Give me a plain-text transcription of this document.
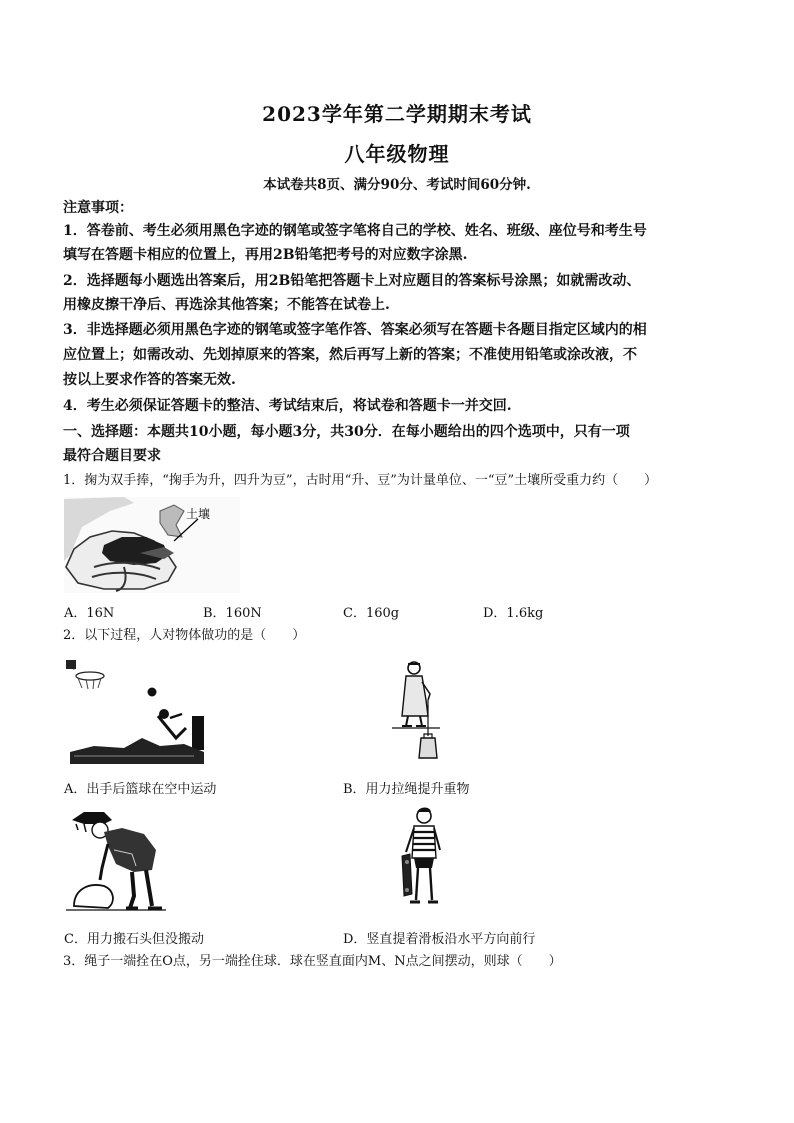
2023学年第二学期期末考试
八年级物理
本试卷共8页、满分90分、考试时间60分钟.
注意事项：
1．答卷前、考生必须用黑色字迹的钢笔或签字笔将自己的学校、姓名、班级、座位号和考生号
填写在答题卡相应的位置上，再用2B铅笔把考号的对应数字涂黑.
2．选择题每小题选出答案后，用2B铅笔把答题卡上对应题目的答案标号涂黑；如就需改动、
用橡皮擦干净后、再选涂其他答案；不能答在试卷上.
3．非选择题必须用黑色字迹的钢笔或签字笔作答、答案必须写在答题卡各题目指定区域内的相
应位置上；如需改动、先划掉原来的答案，然后再写上新的答案；不准使用铅笔或涂改液，不
按以上要求作答的答案无效.
4．考生必须保证答题卡的整洁、考试结束后，将试卷和答题卡一并交回.
一、选择题：本题共10小题，每小题3分，共30分．在每小题给出的四个选项中，只有一项
最符合题目要求
1．掬为双手捧，“掬手为升，四升为豆”，古时用“升、豆”为计量单位、一“豆”土壤所受重力约（　　）
土壤
A．16N	B．160N	C．160g	D．1.6kg
2．以下过程，人对物体做功的是（　　）
A．出手后篮球在空中运动	B．用力拉绳提升重物
C．用力搬石头但没搬动	D．竖直提着滑板沿水平方向前行
3．绳子一端拴在O点，另一端拴住球．球在竖直面内M、N点之间摆动，则球（　　）
